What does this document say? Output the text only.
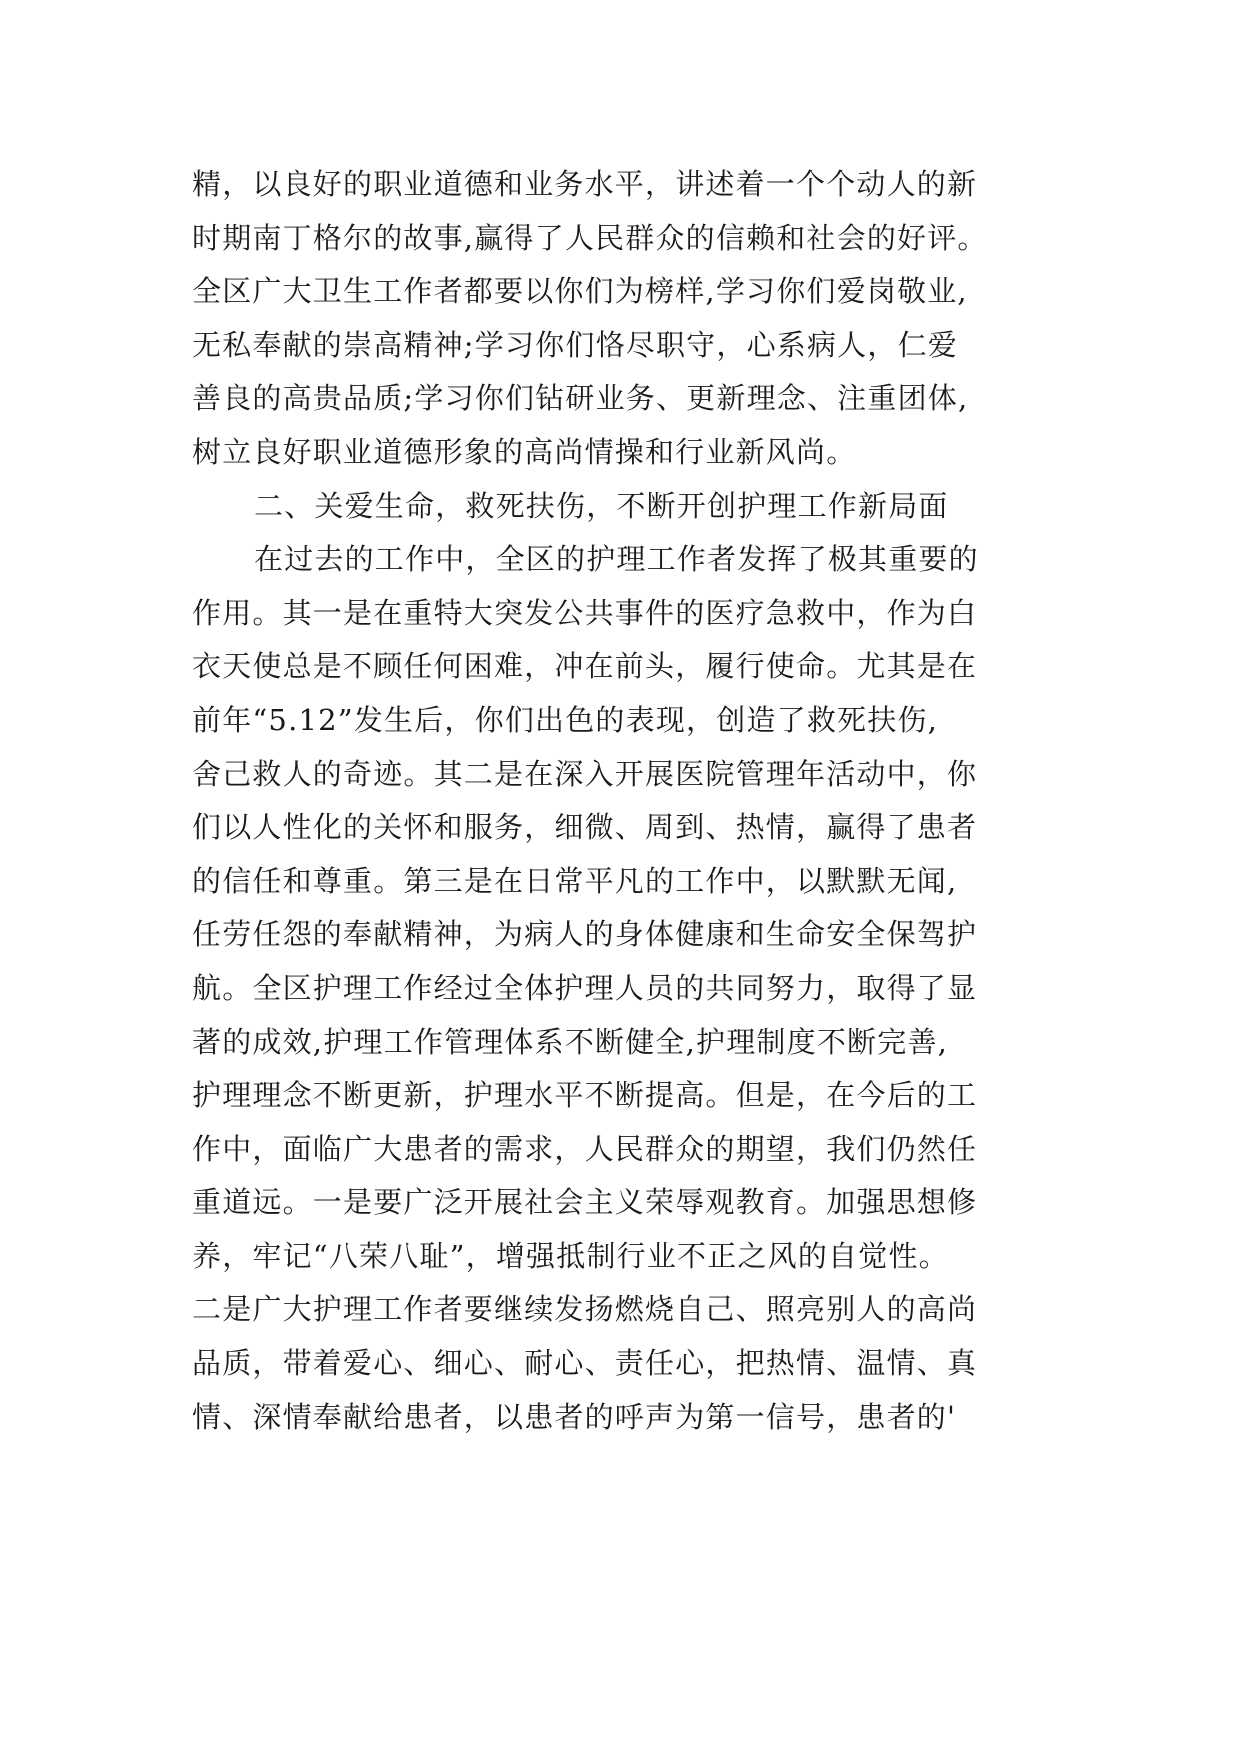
精，以良好的职业道德和业务水平，讲述着一个个动人的新
时期南丁格尔的故事,赢得了人民群众的信赖和社会的好评。
全区广大卫生工作者都要以你们为榜样,学习你们爱岗敬业,
无私奉献的崇高精神;学习你们恪尽职守，心系病人，仁爱
善良的高贵品质;学习你们钻研业务、更新理念、注重团体,
树立良好职业道德形象的高尚情操和行业新风尚。
二、关爱生命，救死扶伤，不断开创护理工作新局面
在过去的工作中，全区的护理工作者发挥了极其重要的
作用。其一是在重特大突发公共事件的医疗急救中，作为白
衣天使总是不顾任何困难，冲在前头，履行使命。尤其是在
前年“5.12”发生后，你们出色的表现，创造了救死扶伤,
舍己救人的奇迹。其二是在深入开展医院管理年活动中，你
们以人性化的关怀和服务，细微、周到、热情，赢得了患者
的信任和尊重。第三是在日常平凡的工作中，以默默无闻,
任劳任怨的奉献精神，为病人的身体健康和生命安全保驾护
航。全区护理工作经过全体护理人员的共同努力，取得了显
著的成效,护理工作管理体系不断健全,护理制度不断完善,
护理理念不断更新，护理水平不断提高。但是，在今后的工
作中，面临广大患者的需求，人民群众的期望，我们仍然任
重道远。一是要广泛开展社会主义荣辱观教育。加强思想修
养，牢记“八荣八耻”，增强抵制行业不正之风的自觉性。
二是广大护理工作者要继续发扬燃烧自己、照亮别人的高尚
品质，带着爱心、细心、耐心、责任心，把热情、温情、真
情、深情奉献给患者，以患者的呼声为第一信号，患者的'
